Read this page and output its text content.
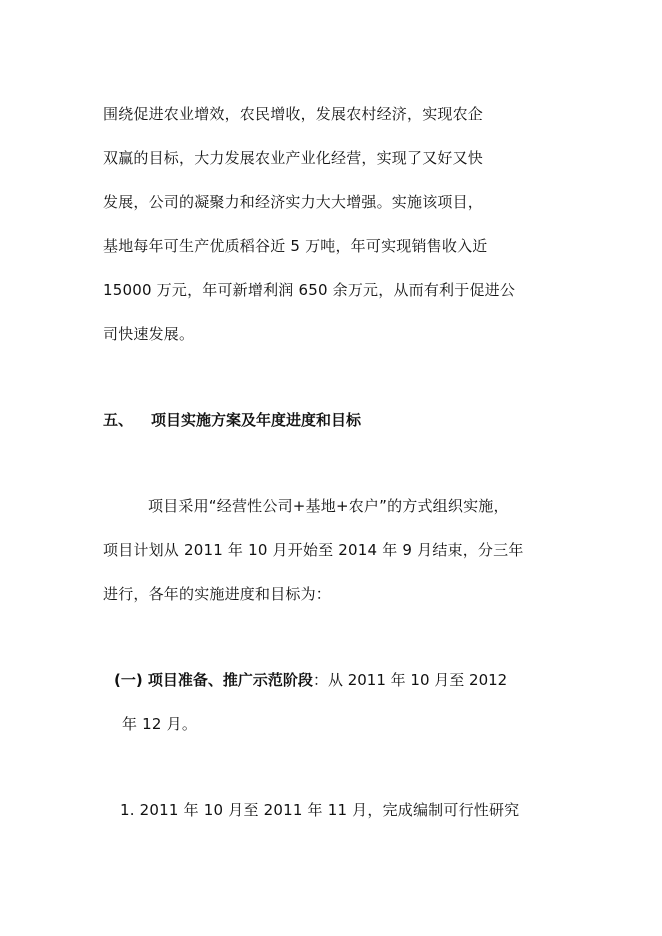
围绕促进农业增效，农民增收，发展农村经济，实现农企
双赢的目标，大力发展农业产业化经营，实现了又好又快
发展，公司的凝聚力和经济实力大大增强。实施该项目，
基地每年可生产优质稻谷近 5 万吨，年可实现销售收入近
15000 万元，年可新增利润 650 余万元，从而有利于促进公
司快速发展。
五、 项目实施方案及年度进度和目标
项目采用“经营性公司+基地+农户”的方式组织实施，
项目计划从 2011 年 10 月开始至 2014 年 9 月结束，分三年
进行，各年的实施进度和目标为：
(一) 项目准备、推广示范阶段：从 2011 年 10 月至 2012
年 12 月。
1. 2011 年 10 月至 2011 年 11 月，完成编制可行性研究
